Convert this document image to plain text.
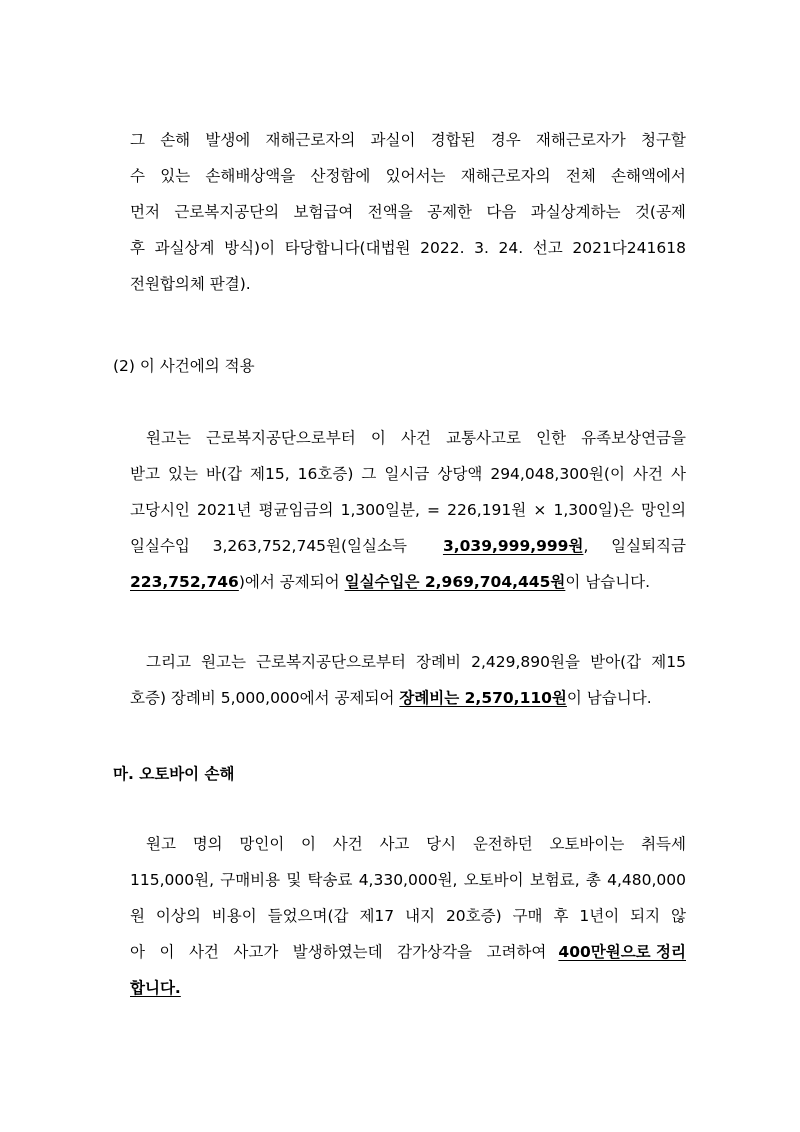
그 손해 발생에 재해근로자의 과실이 경합된 경우 재해근로자가 청구할
수 있는 손해배상액을 산정함에 있어서는 재해근로자의 전체 손해액에서
먼저 근로복지공단의 보험급여 전액을 공제한 다음 과실상계하는 것(공제
후 과실상계 방식)이 타당합니다(대법원 2022. 3. 24. 선고 2021다241618
전원합의체 판결).
(2) 이 사건에의 적용
원고는 근로복지공단으로부터 이 사건 교통사고로 인한 유족보상연금을
받고 있는 바(갑 제15, 16호증) 그 일시금 상당액 294,048,300원(이 사건 사
고당시인 2021년 평균임금의 1,300일분, = 226,191원 × 1,300일)은 망인의
일실수입 3,263,752,745원(일실소득 3,039,999,999원, 일실퇴직금
223,752,746 )에서 공제되어 일실수입은 2,969,704,445원 이 남습니다.
그리고 원고는 근로복지공단으로부터 장례비 2,429,890원을 받아(갑 제15
호증) 장례비 5,000,000에서 공제되어 장례비는 2,570,110원 이 남습니다.
마. 오토바이 손해
원고 명의 망인이 이 사건 사고 당시 운전하던 오토바이는 취득세
115,000원, 구매비용 및 탁송료 4,330,000원, 오토바이 보험료, 총 4,480,000
원 이상의 비용이 들었으며(갑 제17 내지 20호증) 구매 후 1년이 되지 않
아 이 사건 사고가 발생하였는데 감가상각을 고려하여 400만원으로 정리
합니다.
